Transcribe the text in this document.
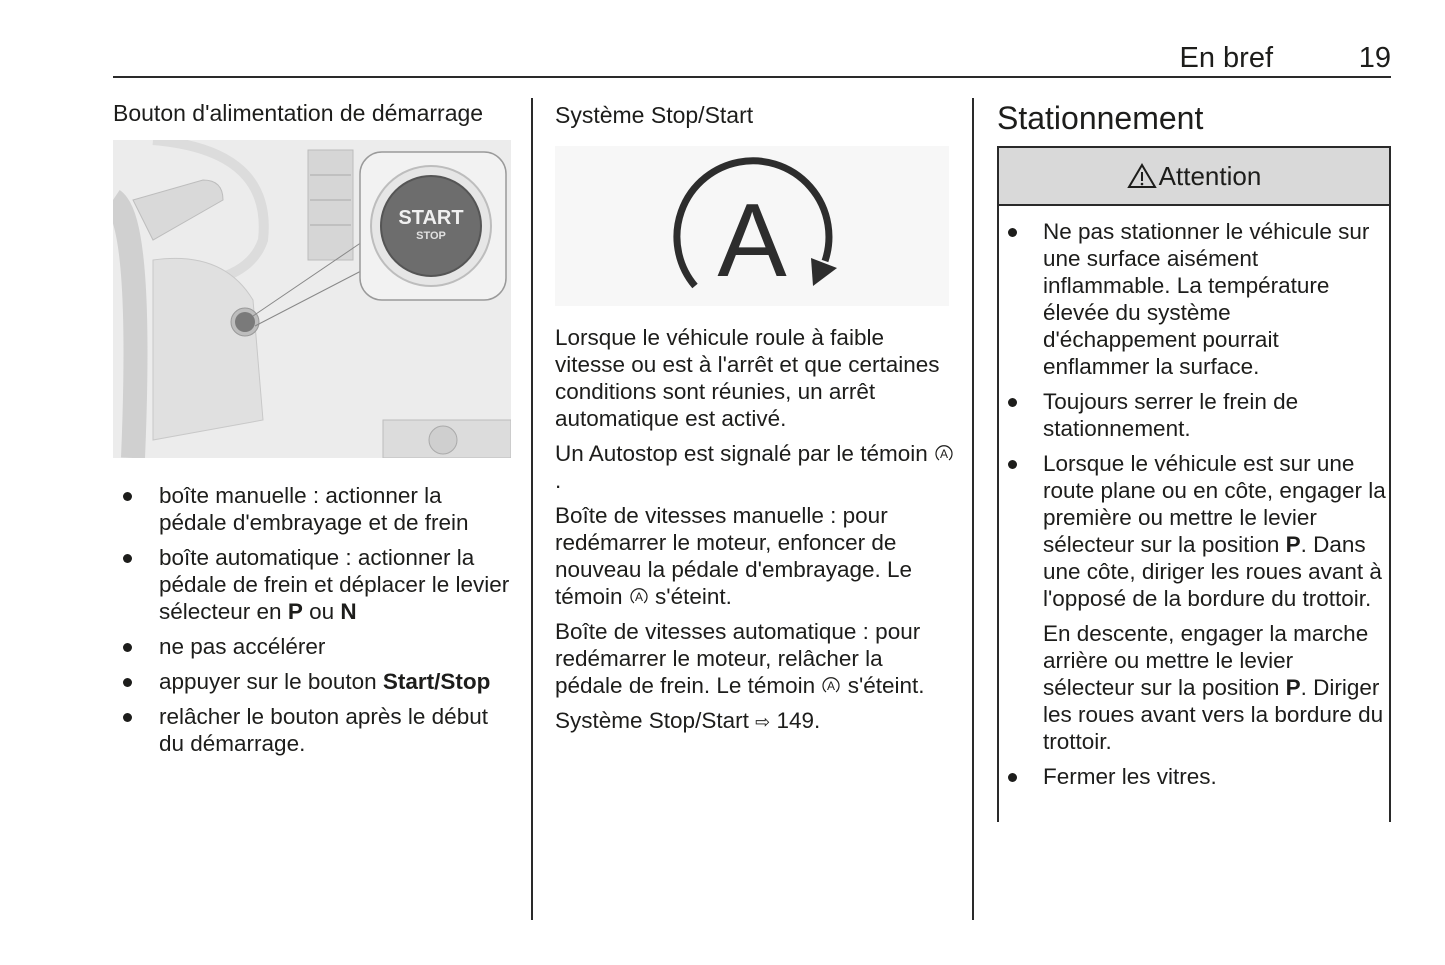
En bref	19
Bouton d'alimentation de démarrage
START
STOP
boîte manuelle : actionner la pédale d'embrayage et de frein
boîte automatique : actionner la pédale de frein et déplacer le levier sélecteur en P ou N
ne pas accélérer
appuyer sur le bouton Start/Stop
relâcher le bouton après le début du démarrage.
Système Stop/Start
A

Lorsque le véhicule roule à faible vitesse ou est à l'arrêt et que certaines conditions sont réunies, un arrêt automatique est activé.

Un Autostop est signalé par le témoin A
.

Boîte de vitesses manuelle : pour redémarrer le moteur, enfoncer de nouveau la pédale d'embrayage. Le témoin A s'éteint.

Boîte de vitesses automatique : pour redémarrer le moteur, relâcher la pédale de frein. Le témoin A s'éteint.

Système Stop/Start ⇨ 149.

Stationnement
Attention
Ne pas stationner le véhicule sur une surface aisément inflammable. La température élevée du système d'échappement pourrait enflammer la surface.
Toujours serrer le frein de stationnement.
Lorsque le véhicule est sur une route plane ou en côte, engager la première ou mettre le levier sélecteur sur la position P. Dans une côte, diriger les roues avant à l'opposé de la bordure du trottoir.

En descente, engager la marche arrière ou mettre le levier sélecteur sur la position P. Diriger les roues avant vers la bordure du trottoir.

Fermer les vitres.
